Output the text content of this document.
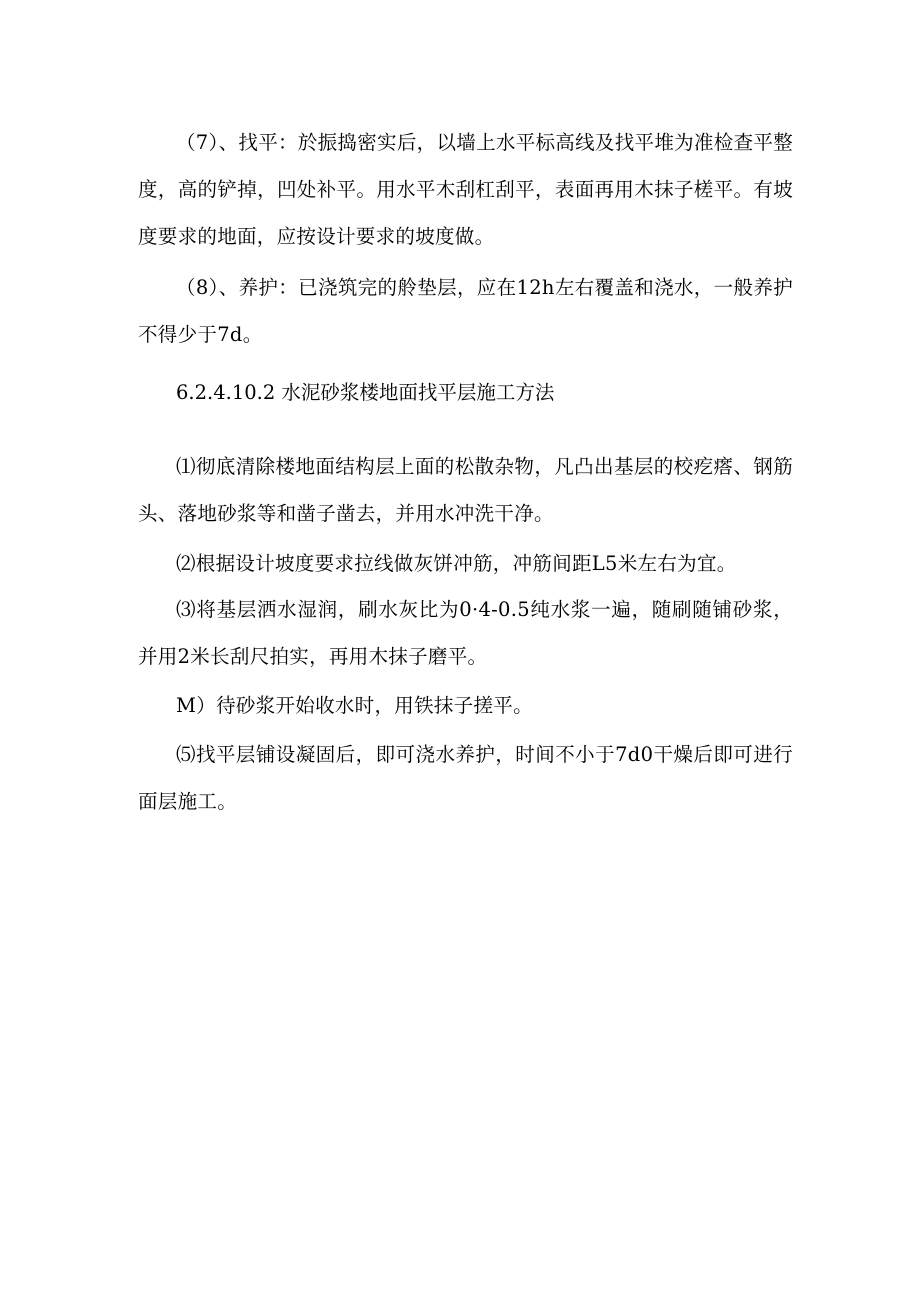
（7）、找平：於振捣密实后，以墙上水平标高线及找平堆为准检查平整度，高的铲掉，凹处补平。用水平木刮杠刮平，表面再用木抹子槎平。有坡度要求的地面，应按设计要求的坡度做。

（8）、养护：已浇筑完的舲垫层，应在12h左右覆盖和浇水，一般养护不得少于7d。

6.2.4.10.2 水泥砂浆楼地面找平层施工方法

⑴彻底清除楼地面结构层上面的松散杂物，凡凸出基层的校疙瘩、钢筋头、落地砂浆等和凿子凿去，并用水冲洗干净。

⑵根据设计坡度要求拉线做灰饼冲筋，冲筋间距L5米左右为宜。

⑶将基层洒水湿润，刷水灰比为0·4-0.5纯水浆一遍，随刷随铺砂浆，并用2米长刮尺拍实，再用木抹子磨平。

M）待砂浆开始收水时，用铁抹子搓平。

⑸找平层铺设凝固后，即可浇水养护，时间不小于7d0干燥后即可进行面层施工。
